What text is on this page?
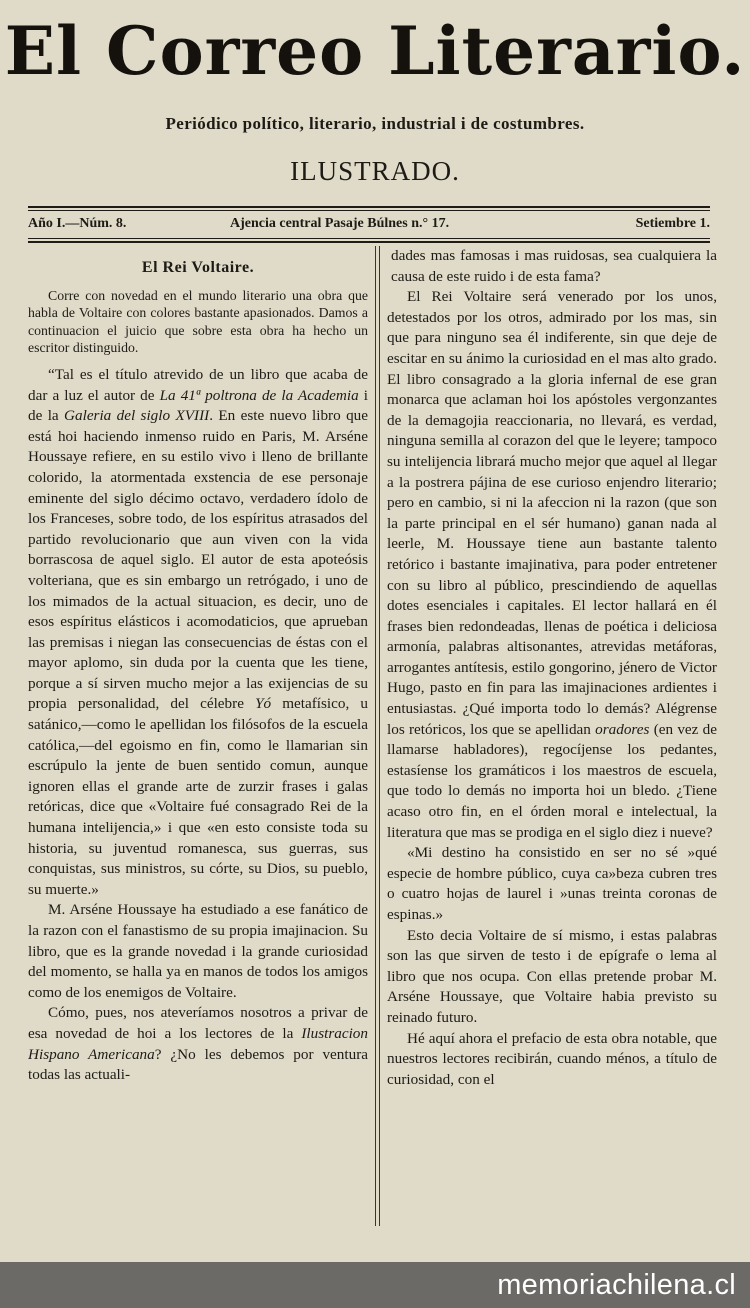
El Correo Literario.
Periódico político, literario, industrial i de costumbres.
ILUSTRADO.
Año I.—Núm. 8.	Ajencia central Pasaje Búlnes n.° 17.	Setiembre 1.

El Rei Voltaire.

Corre con novedad en el mundo literario una obra que habla de Voltaire con colores bastante apasionados. Damos a continuacion el juicio que sobre esta obra ha hecho un escritor distinguido.

“Tal es el título atrevido de un libro que acaba de dar a luz el autor de La 41ª poltrona de la Academia i de la Galeria del siglo XVIII. En este nuevo libro que está hoi haciendo inmenso ruido en Paris, M. Arséne Houssaye refiere, en su estilo vivo i lleno de brillante colorido, la atormentada exstencia de ese personaje eminente del siglo décimo octavo, verdadero ídolo de los Franceses, sobre todo, de los espíritus atrasados del partido revolucionario que aun viven con la vida borrascosa de aquel siglo. El autor de esta apoteósis volteriana, que es sin embargo un retrógado, i uno de los mimados de la actual situacion, es decir, uno de esos espíritus elásticos i acomodaticios, que aprueban las premisas i niegan las consecuencias de éstas con el mayor aplomo, sin duda por la cuenta que les tiene, porque a sí sirven mucho mejor a las exijencias de su propia personalidad, del célebre Yó metafísico, u satánico,—como le apellidan los filósofos de la escuela católica,—del egoismo en fin, como le llamarian sin escrúpulo la jente de buen sentido comun, aunque ignoren ellas el grande arte de zurzir frases i galas retóricas, dice que «Voltaire fué consagrado Rei de la humana intelijencia,» i que «en esto consiste toda su historia, su juventud romanesca, sus guerras, sus conquistas, sus ministros, su córte, su Dios, su pueblo, su muerte.»

M. Arséne Houssaye ha estudiado a ese fanático de la razon con el fanastismo de su propia imajinacion. Su libro, que es la grande novedad i la grande curiosidad del momento, se halla ya en manos de todos los amigos como de los enemigos de Voltaire.

Cómo, pues, nos ateveríamos nosotros a privar de esa novedad de hoi a los lectores de la Ilustracion Hispano Americana? ¿No les debemos por ventura todas las actuali-

dades mas famosas i mas ruidosas, sea cualquiera la causa de este ruido i de esta fama?

El Rei Voltaire será venerado por los unos, detestados por los otros, admirado por los mas, sin que para ninguno sea él indiferente, sin que deje de escitar en su ánimo la curiosidad en el mas alto grado. El libro consagrado a la gloria infernal de ese gran monarca que aclaman hoi los apóstoles vergonzantes de la demagojia reaccionaria, no llevará, es verdad, ninguna semilla al corazon del que le leyere; tampoco su intelijencia librará mucho mejor que aquel al llegar a la postrera pájina de ese curioso enjendro literario; pero en cambio, si ni la afeccion ni la razon (que son la parte principal en el sér humano) ganan nada al leerle, M. Houssaye tiene aun bastante talento retórico i bastante imajinativa, para poder entretener con su libro al público, prescindiendo de aquellas dotes esenciales i capitales. El lector hallará en él frases bien redondeadas, llenas de poética i deliciosa armonía, palabras altisonantes, atrevidas metáforas, arrogantes antítesis, estilo gongorino, jénero de Victor Hugo, pasto en fin para las imajinaciones ardientes i entusiastas. ¿Qué importa todo lo demás? Alégrense los retóricos, los que se apellidan oradores (en vez de llamarse habladores), regocíjense los pedantes, estasíense los gramáticos i los maestros de escuela, que todo lo demás no importa hoi un bledo. ¿Tiene acaso otro fin, en el órden moral e intelectual, la literatura que mas se prodiga en el siglo diez i nueve?

«Mi destino ha consistido en ser no sé »qué especie de hombre público, cuya ca»beza cubren tres o cuatro hojas de laurel i »unas treinta coronas de espinas.»

Esto decia Voltaire de sí mismo, i estas palabras son las que sirven de testo i de epígrafe o lema al libro que nos ocupa. Con ellas pretende probar M. Arséne Houssaye, que Voltaire habia previsto su reinado futuro.

Hé aquí ahora el prefacio de esta obra notable, que nuestros lectores recibirán, cuando ménos, a título de curiosidad, con el

memoriachilena.cl
